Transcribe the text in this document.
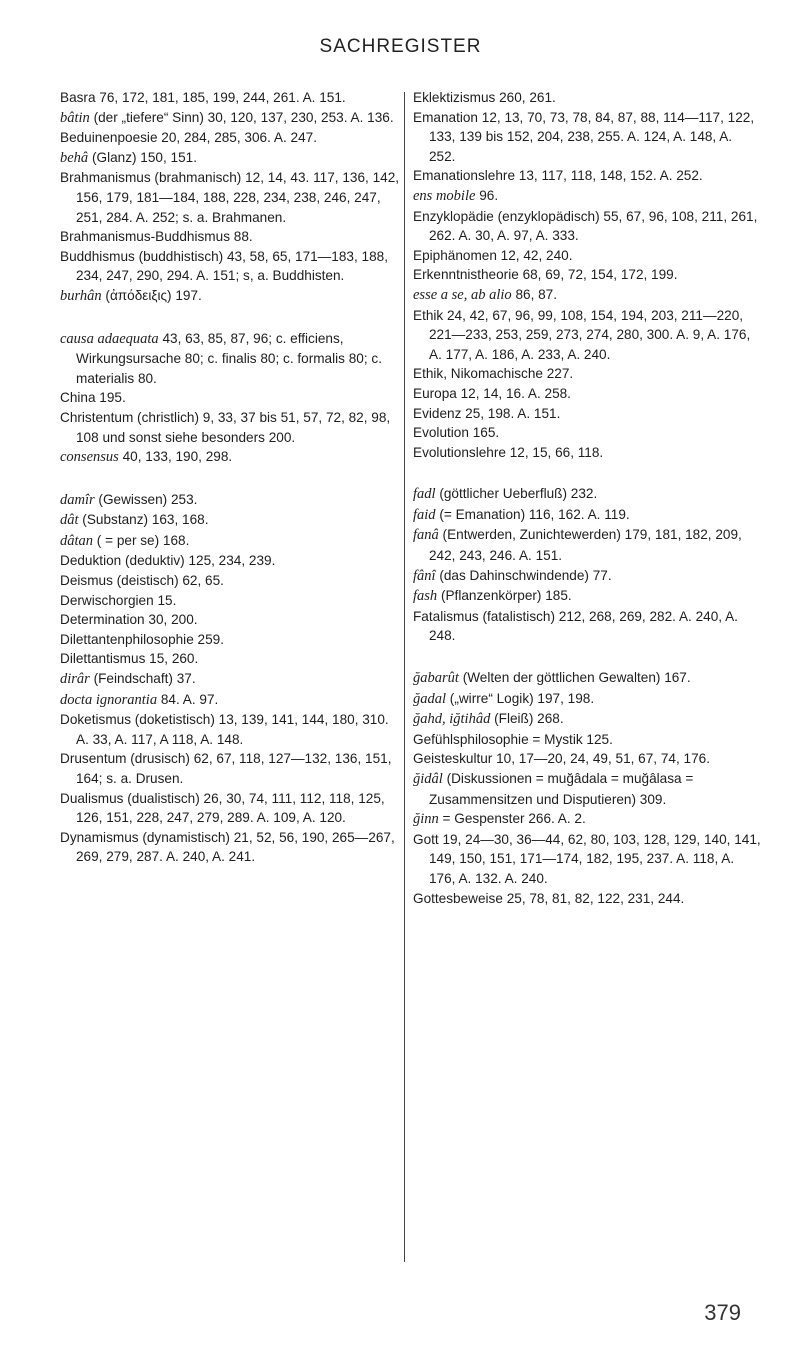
SACHREGISTER

Basra 76, 172, 181, 185, 199, 244, 261. A. 151.

bâtin (der „tiefere“ Sinn) 30, 120, 137, 230, 253. A. 136.

Beduinenpoesie 20, 284, 285, 306. A. 247.

behâ (Glanz) 150, 151.

Brahmanismus (brahmanisch) 12, 14, 43. 117, 136, 142, 156, 179, 181—184, 188, 228, 234, 238, 246, 247, 251, 284. A. 252; s. a. Brahmanen.

Brahmanismus-Buddhismus 88.

Buddhismus (buddhistisch) 43, 58, 65, 171—183, 188, 234, 247, 290, 294. A. 151; s, a. Buddhisten.

burhân (ἀπόδειξις) 197.

causa adaequata 43, 63, 85, 87, 96; c. efficiens, Wirkungsursache 80; c. finalis 80; c. formalis 80; c. materialis 80.

China 195.

Christentum (christlich) 9, 33, 37 bis 51, 57, 72, 82, 98, 108 und sonst siehe besonders 200.

consensus 40, 133, 190, 298.

damîr (Gewissen) 253.

dât (Substanz) 163, 168.

dâtan ( = per se) 168.

Deduktion (deduktiv) 125, 234, 239.

Deismus (deistisch) 62, 65.

Derwischorgien 15.

Determination 30, 200.

Dilettantenphilosophie 259.

Dilettantismus 15, 260.

dirâr (Feindschaft) 37.

docta ignorantia 84. A. 97.

Doketismus (doketistisch) 13, 139, 141, 144, 180, 310. A. 33, A. 117, A 118, A. 148.

Drusentum (drusisch) 62, 67, 118, 127—132, 136, 151, 164; s. a. Drusen.

Dualismus (dualistisch) 26, 30, 74, 111, 112, 118, 125, 126, 151, 228, 247, 279, 289. A. 109, A. 120.

Dynamismus (dynamistisch) 21, 52, 56, 190, 265—267, 269, 279, 287. A. 240, A. 241.

Eklektizismus 260, 261.

Emanation 12, 13, 70, 73, 78, 84, 87, 88, 114—117, 122, 133, 139 bis 152, 204, 238, 255. A. 124, A. 148, A. 252.

Emanationslehre 13, 117, 118, 148, 152. A. 252.

ens mobile 96.

Enzyklopädie (enzyklopädisch) 55, 67, 96, 108, 211, 261, 262. A. 30, A. 97, A. 333.

Epiphänomen 12, 42, 240.

Erkenntnistheorie 68, 69, 72, 154, 172, 199.

esse a se, ab alio 86, 87.

Ethik 24, 42, 67, 96, 99, 108, 154, 194, 203, 211—220, 221—233, 253, 259, 273, 274, 280, 300. A. 9, A. 176, A. 177, A. 186, A. 233, A. 240.

Ethik, Nikomachische 227.

Europa 12, 14, 16. A. 258.

Evidenz 25, 198. A. 151.

Evolution 165.

Evolutionslehre 12, 15, 66, 118.

fadl (göttlicher Ueberfluß) 232.

faid (= Emanation) 116, 162. A. 119.

fanâ (Entwerden, Zunichtewerden) 179, 181, 182, 209, 242, 243, 246. A. 151.

fânî (das Dahinschwindende) 77.

fash (Pflanzenkörper) 185.

Fatalismus (fatalistisch) 212, 268, 269, 282. A. 240, A. 248.

ğabarût (Welten der göttlichen Gewalten) 167.

ğadal („wirre“ Logik) 197, 198.

ğahd, iğtihâd (Fleiß) 268.

Gefühlsphilosophie = Mystik 125.

Geisteskultur 10, 17—20, 24, 49, 51, 67, 74, 176.

ğidâl (Diskussionen = muğâdala = muğâlasa = Zusammensitzen und Disputieren) 309.

ğinn = Gespenster 266. A. 2.

Gott 19, 24—30, 36—44, 62, 80, 103, 128, 129, 140, 141, 149, 150, 151, 171—174, 182, 195, 237. A. 118, A. 176, A. 132. A. 240.

Gottesbeweise 25, 78, 81, 82, 122, 231, 244.

379
